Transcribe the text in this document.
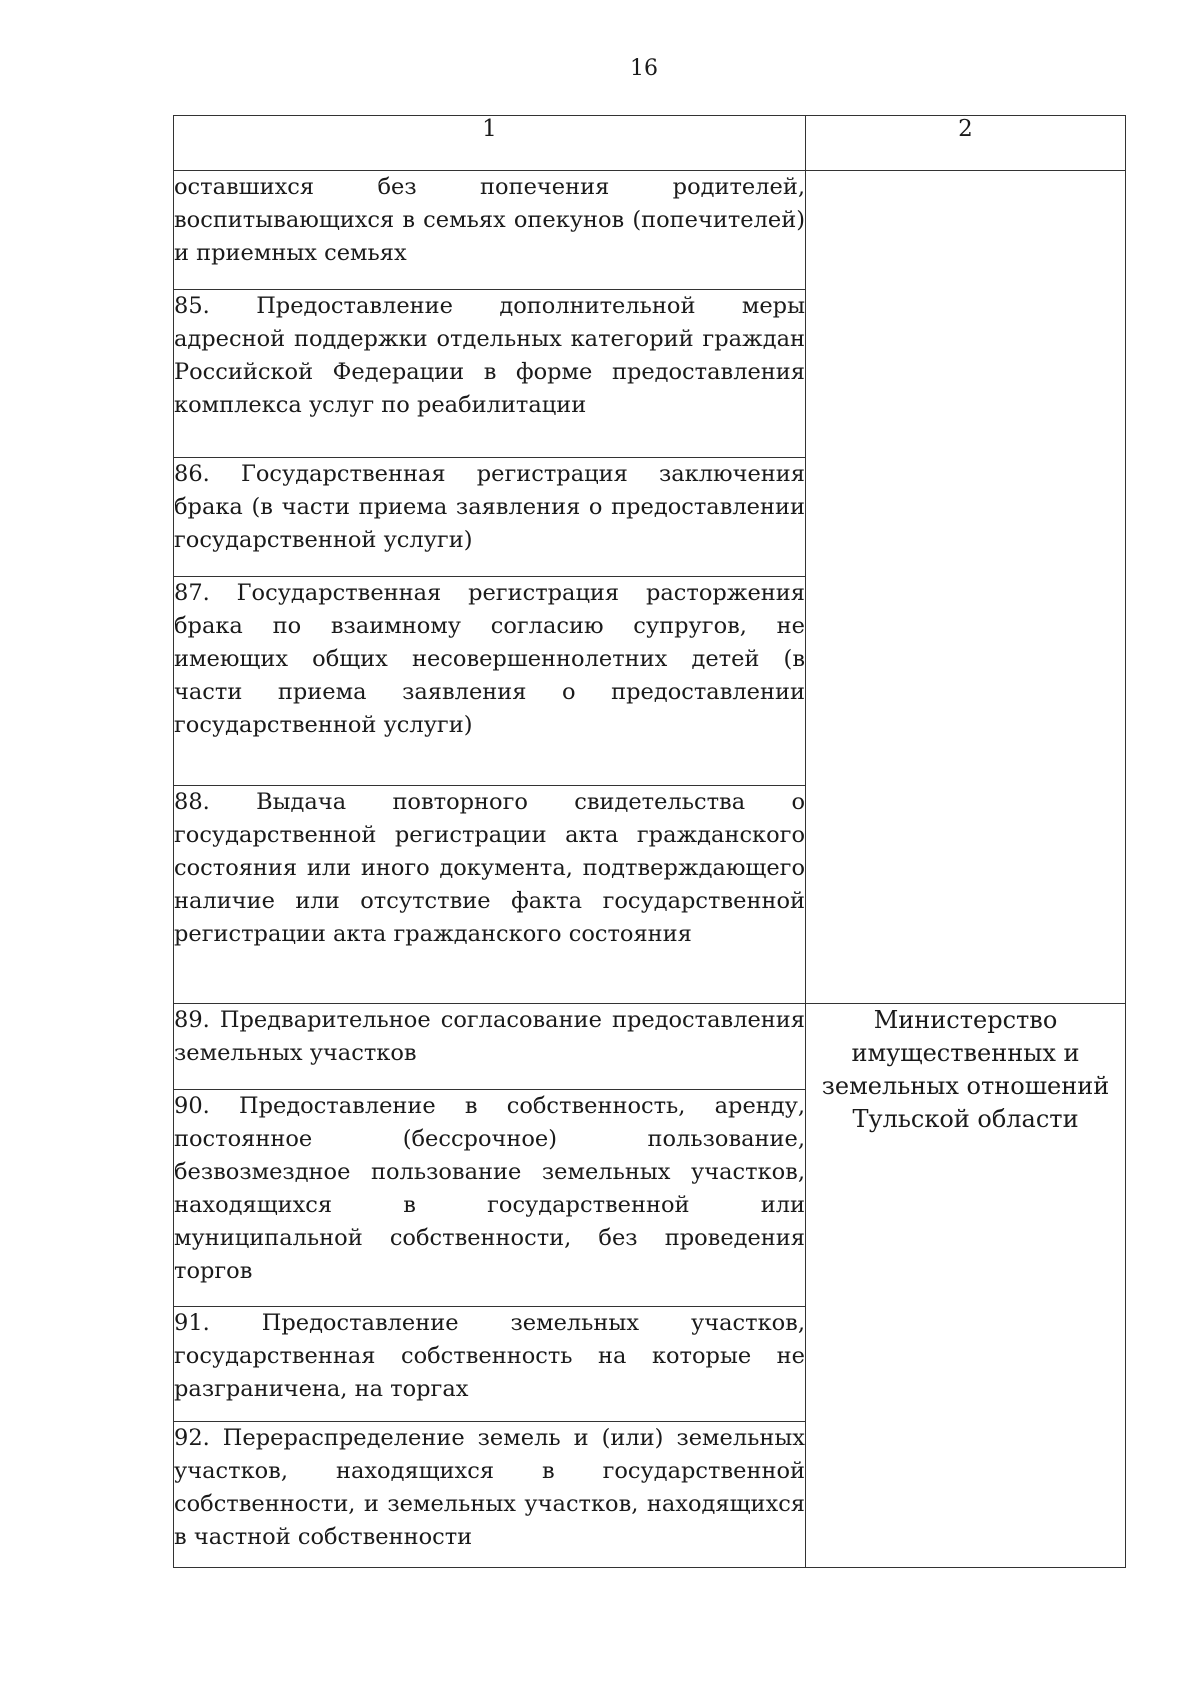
16
1	2
оставшихся без попечения родителей, воспитывающихся в семьях опекунов (попечителей) и приемных семьях	
85. Предоставление дополнительной меры адресной поддержки отдельных категорий граждан Российской Федерации в форме предоставления комплекса услуг по реабилитации	
86. Государственная регистрация заключения брака (в части приема заявления о предоставлении государственной услуги)	
87. Государственная регистрация расторжения брака по взаимному согласию супругов, не имеющих общих несовершеннолетних детей (в части приема заявления о предоставлении государственной услуги)	
88. Выдача повторного свидетельства о государственной регистрации акта гражданского состояния или иного документа, подтверждающего наличие или отсутствие факта государственной регистрации акта гражданского состояния	
89. Предварительное согласование предоставления земельных участков	Министерство имущественных и земельных отношений Тульской области
90. Предоставление в собственность, аренду, постоянное (бессрочное) пользование, безвозмездное пользование земельных участков, находящихся в государственной или муниципальной собственности, без проведения торгов	
91. Предоставление земельных участков, государственная собственность на которые не разграничена, на торгах	
92. Перераспределение земель и (или) земельных участков, находящихся в государственной собственности, и земельных участков, находящихся в частной собственности	
